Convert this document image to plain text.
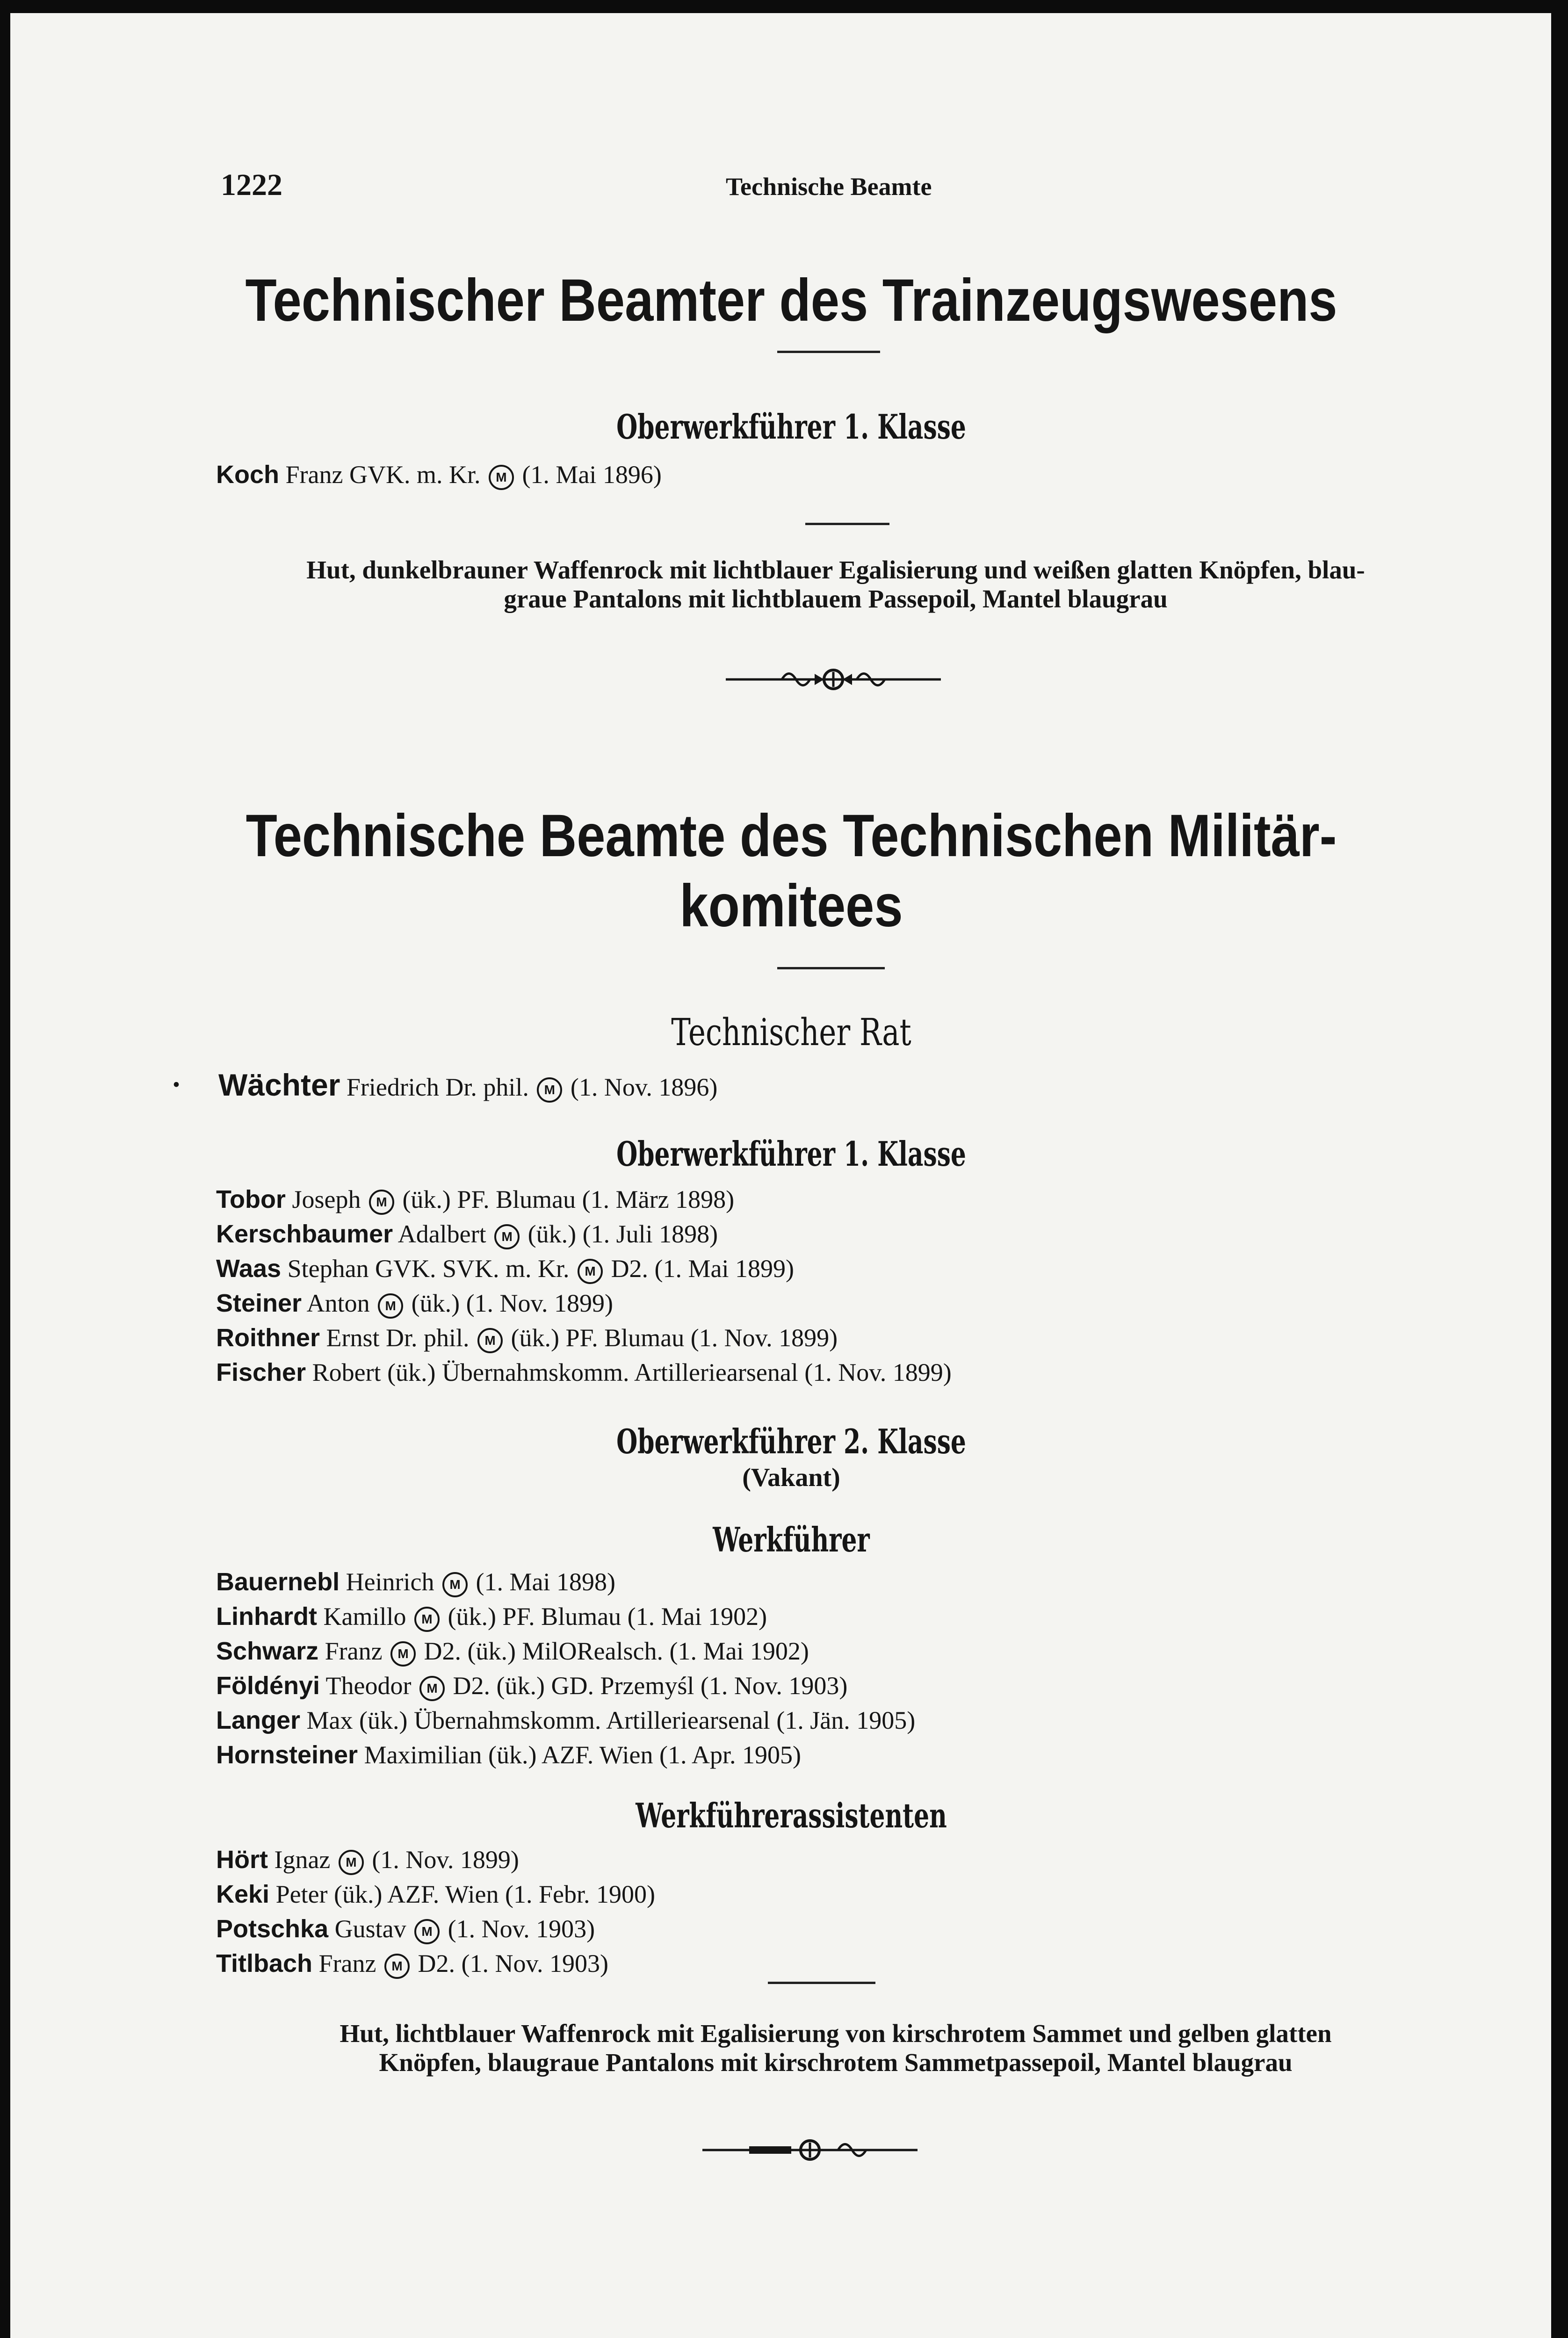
1222	Technische Beamte
Technischer Beamter des Trainzeugswesens
Oberwerkführer 1. Klasse
Koch Franz GVK. m. Kr. M (1. Mai 1896)
Hut, dunkelbrauner Waffenrock mit lichtblauer Egalisierung und weißen glatten Knöpfen, blau-
graue Pantalons mit lichtblauem Passepoil, Mantel blaugrau
Technische Beamte des Technischen Militär-
komitees
Technischer Rat
· Wächter Friedrich Dr. phil. M (1. Nov. 1896)
Oberwerkführer 1. Klasse
Tobor Joseph M (ük.) PF. Blumau (1. März 1898)
Kerschbaumer Adalbert M (ük.) (1. Juli 1898)
Waas Stephan GVK. SVK. m. Kr. M D2. (1. Mai 1899)
Steiner Anton M (ük.) (1. Nov. 1899)
Roithner Ernst Dr. phil. M (ük.) PF. Blumau (1. Nov. 1899)
Fischer Robert (ük.) Übernahmskomm. Artilleriearsenal (1. Nov. 1899)
Oberwerkführer 2. Klasse
(Vakant)
Werkführer
Bauernebl Heinrich M (1. Mai 1898)
Linhardt Kamillo M (ük.) PF. Blumau (1. Mai 1902)
Schwarz Franz M D2. (ük.) MilORealsch. (1. Mai 1902)
Földényi Theodor M D2. (ük.) GD. Przemyśl (1. Nov. 1903)
Langer Max (ük.) Übernahmskomm. Artilleriearsenal (1. Jän. 1905)
Hornsteiner Maximilian (ük.) AZF. Wien (1. Apr. 1905)
Werkführerassistenten
Hört Ignaz M (1. Nov. 1899)
Keki Peter (ük.) AZF. Wien (1. Febr. 1900)
Potschka Gustav M (1. Nov. 1903)
Titlbach Franz M D2. (1. Nov. 1903)
Hut, lichtblauer Waffenrock mit Egalisierung von kirschrotem Sammet und gelben glatten
Knöpfen, blaugraue Pantalons mit kirschrotem Sammetpassepoil, Mantel blaugrau
